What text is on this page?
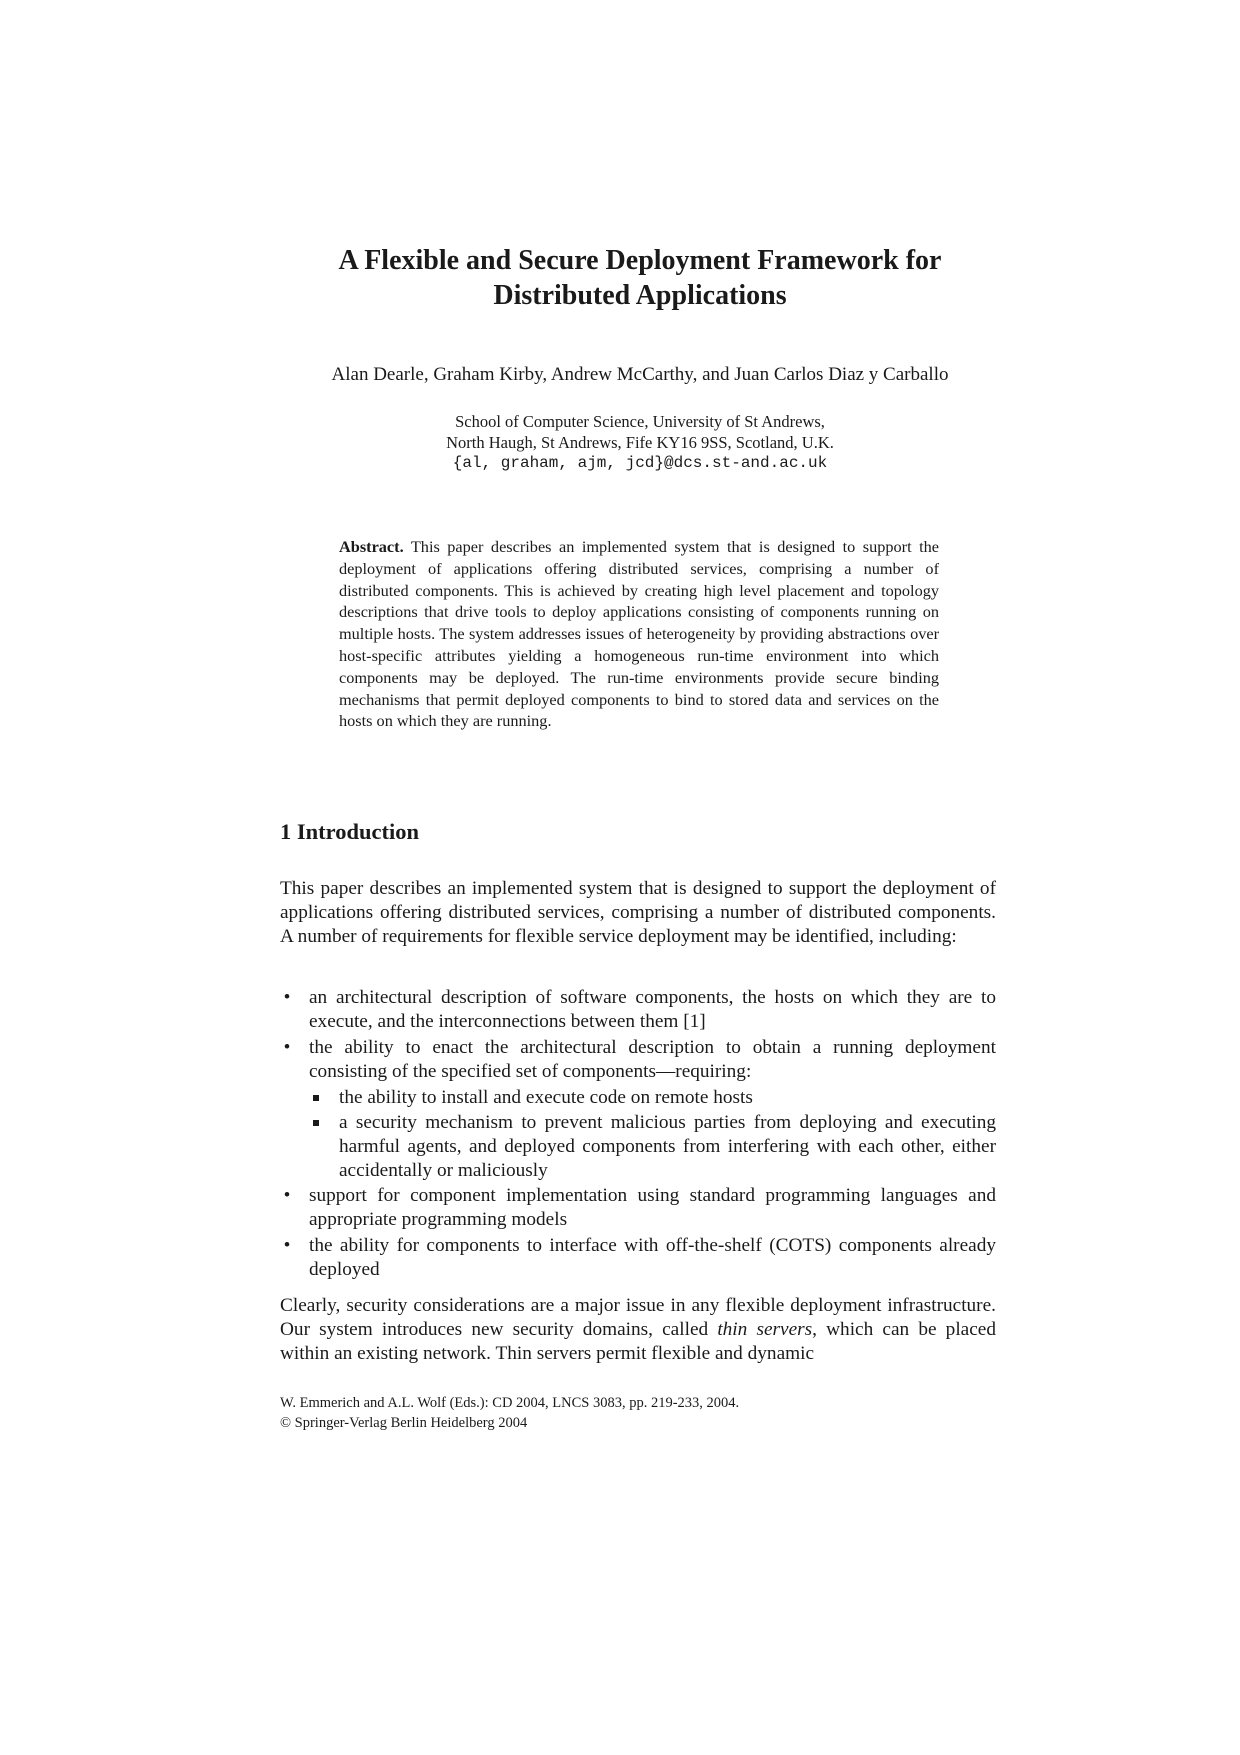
A Flexible and Secure Deployment Framework for
Distributed Applications
Alan Dearle, Graham Kirby, Andrew McCarthy, and Juan Carlos Diaz y Carballo
School of Computer Science, University of St Andrews,
North Haugh, St Andrews, Fife KY16 9SS, Scotland, U.K.
{al, graham, ajm, jcd}@dcs.st-and.ac.uk
Abstract. This paper describes an implemented system that is designed to support the deployment of applications offering distributed services, comprising a number of distributed components. This is achieved by creating high level placement and topology descriptions that drive tools to deploy applications consisting of components running on multiple hosts. The system addresses issues of heterogeneity by providing abstractions over host-specific attributes yielding a homogeneous run-time environment into which components may be deployed. The run-time environments provide secure binding mechanisms that permit deployed components to bind to stored data and services on the hosts on which they are running.
1 Introduction
This paper describes an implemented system that is designed to support the deployment of applications offering distributed services, comprising a number of distributed components. A number of requirements for flexible service deployment may be identified, including:
• an architectural description of software components, the hosts on which they are to execute, and the interconnections between them [1]
• the ability to enact the architectural description to obtain a running deployment consisting of the specified set of components—requiring:
the ability to install and execute code on remote hosts
a security mechanism to prevent malicious parties from deploying and executing harmful agents, and deployed components from interfering with each other, either accidentally or maliciously
• support for component implementation using standard programming languages and appropriate programming models
• the ability for components to interface with off-the-shelf (COTS) components already deployed
Clearly, security considerations are a major issue in any flexible deployment infrastructure. Our system introduces new security domains, called thin servers, which can be placed within an existing network. Thin servers permit flexible and dynamic
W. Emmerich and A.L. Wolf (Eds.): CD 2004, LNCS 3083, pp. 219-233, 2004.
© Springer-Verlag Berlin Heidelberg 2004
